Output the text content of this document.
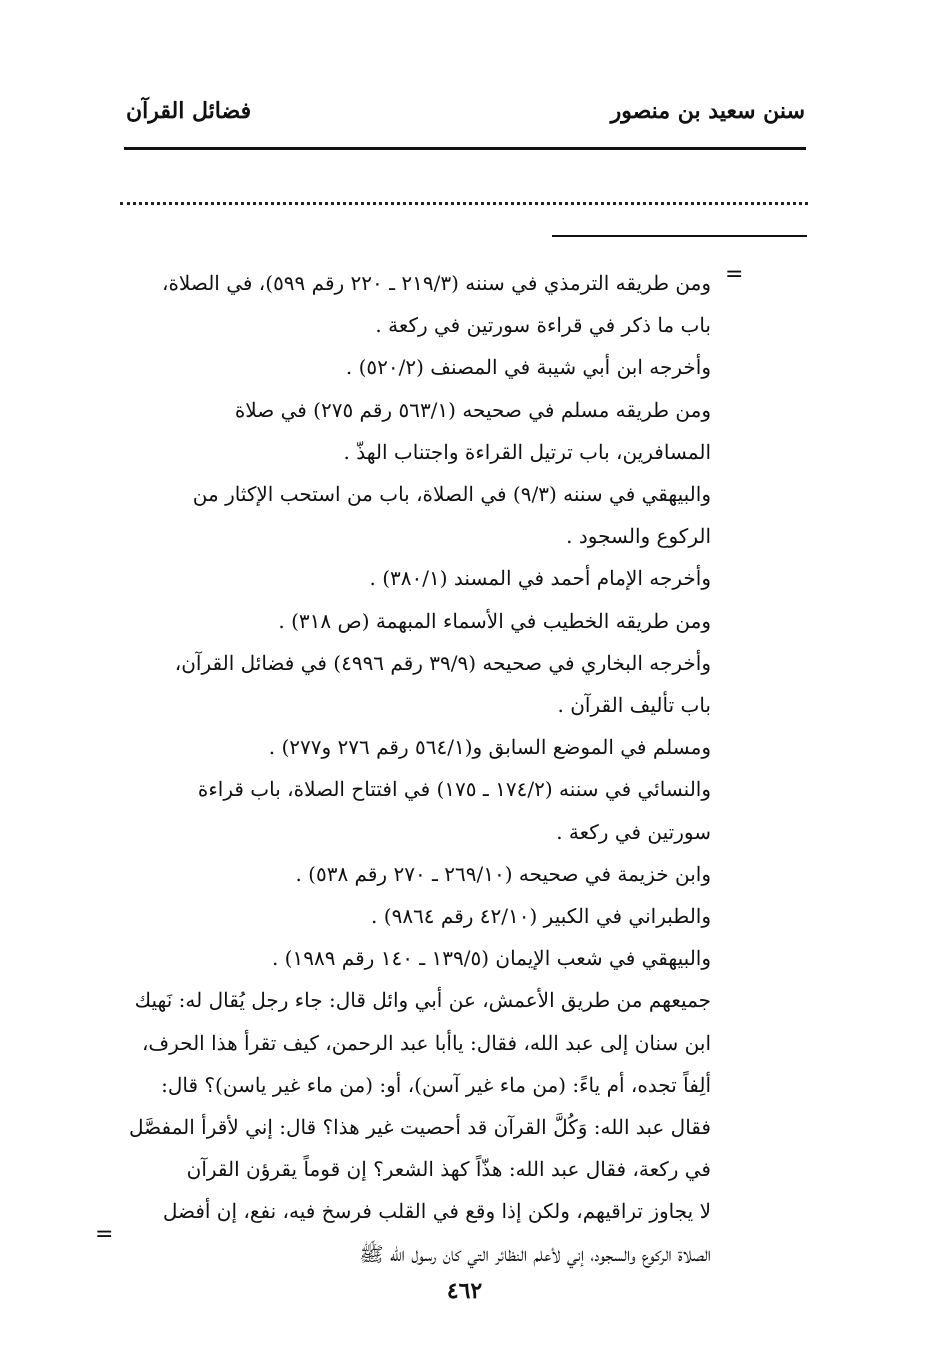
سنن سعيد بن منصور
فضائل القرآن
=

ومن طريقه الترمذي في سننه (٢١٩/٣ ـ ٢٢٠ رقم ٥٩٩)، في الصلاة،

باب ما ذكر في قراءة سورتين في ركعة .

وأخرجه ابن أبي شيبة في المصنف (٥٢٠/٢) .

ومن طريقه مسلم في صحيحه (٥٦٣/١ رقم ٢٧٥) في صلاة

المسافرين، باب ترتيل القراءة واجتناب الهذّ .

والبيهقي في سننه (٩/٣) في الصلاة، باب من استحب الإكثار من

الركوع والسجود .

وأخرجه الإمام أحمد في المسند (٣٨٠/١) .

ومن طريقه الخطيب في الأسماء المبهمة (ص ٣١٨) .

وأخرجه البخاري في صحيحه (٣٩/٩ رقم ٤٩٩٦) في فضائل القرآن،

باب تأليف القرآن .

ومسلم في الموضع السابق و(٥٦٤/١ رقم ٢٧٦ و٢٧٧) .

والنسائي في سننه (١٧٤/٢ ـ ١٧٥) في افتتاح الصلاة، باب قراءة

سورتين في ركعة .

وابن خزيمة في صحيحه (٢٦٩/١٠ ـ ٢٧٠ رقم ٥٣٨) .

والطبراني في الكبير (٤٢/١٠ رقم ٩٨٦٤) .

والبيهقي في شعب الإيمان (١٣٩/٥ ـ ١٤٠ رقم ١٩٨٩) .

جميعهم من طريق الأعمش، عن أبي وائل قال: جاء رجل يُقال له: نَهيك

ابن سنان إلى عبد الله، فقال: ياأبا عبد الرحمن، كيف تقرأ هذا الحرف،

ألِفاً تجده، أم ياءً: (من ماء غير آسن)، أو: (من ماء غير ياسن)؟ قال:

فقال عبد الله: وَكُلَّ القرآن قد أحصيت غير هذا؟ قال: إني لأقرأ المفصَّل

في ركعة، فقال عبد الله: هذّاً كهذ الشعر؟ إن قوماً يقرؤن القرآن

لا يجاوز تراقيهم، ولكن إذا وقع في القلب فرسخ فيه، نفع، إن أفضل

الصلاة الركوع والسجود، إني لأعلم النظائر التي كان رسول الله ﷺ

=
٤٦٢
